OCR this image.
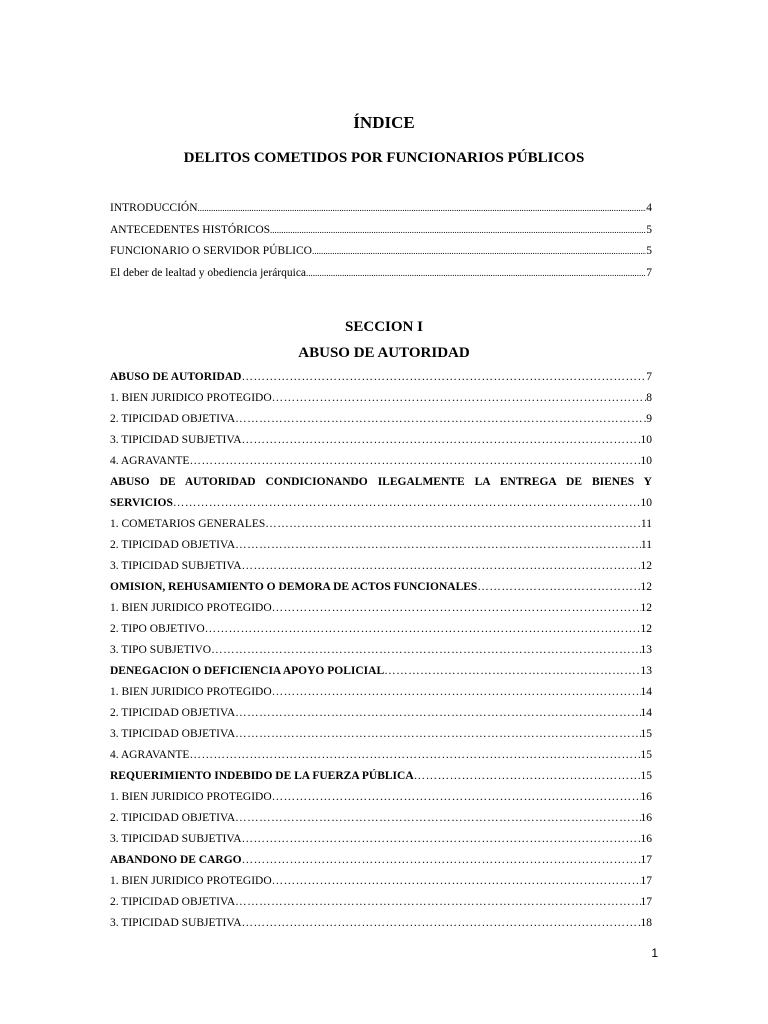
ÍNDICE
DELITOS COMETIDOS POR FUNCIONARIOS PÚBLICOS
INTRODUCCIÓN .....	4
ANTECEDENTES HISTÓRICOS .....	5
FUNCIONARIO O SERVIDOR PÚBLICO .....	5
El deber de lealtad y obediencia jerárquica .....	7
SECCION I
ABUSO DE AUTORIDAD
ABUSO DE AUTORIDAD ……………………………………………………………………………………………………………………………………………………………………………………………………………	7
1. BIEN JURIDICO PROTEGIDO ……………………………………………………………………………………………………………………………………………………………………………………………………………	8
2. TIPICIDAD OBJETIVA ……………………………………………………………………………………………………………………………………………………………………………………………………………	9
3. TIPICIDAD SUBJETIVA ……………………………………………………………………………………………………………………………………………………………………………………………………………	10
4. AGRAVANTE ……………………………………………………………………………………………………………………………………………………………………………………………………………	10
ABUSO DE AUTORIDAD CONDICIONANDO ILEGALMENTE LA ENTREGA DE BIENES Y
SERVICIOS ……………………………………………………………………………………………………………………………………………………………………………………………………………	10
1. COMETARIOS GENERALES ……………………………………………………………………………………………………………………………………………………………………………………………………………	11
2. TIPICIDAD OBJETIVA ……………………………………………………………………………………………………………………………………………………………………………………………………………	11
3. TIPICIDAD SUBJETIVA ……………………………………………………………………………………………………………………………………………………………………………………………………………	12
OMISION, REHUSAMIENTO O DEMORA DE ACTOS FUNCIONALES ……………………………………………………………………………………………………………………………………………………………………………………………………………	12
1. BIEN JURIDICO PROTEGIDO ……………………………………………………………………………………………………………………………………………………………………………………………………………	12
2. TIPO OBJETIVO ……………………………………………………………………………………………………………………………………………………………………………………………………………	12
3. TIPO SUBJETIVO ……………………………………………………………………………………………………………………………………………………………………………………………………………	13
DENEGACION O DEFICIENCIA APOYO POLICIAL ……………………………………………………………………………………………………………………………………………………………………………………………………………	13
1. BIEN JURIDICO PROTEGIDO ……………………………………………………………………………………………………………………………………………………………………………………………………………	14
2. TIPICIDAD OBJETIVA ……………………………………………………………………………………………………………………………………………………………………………………………………………	14
3. TIPICIDAD OBJETIVA ……………………………………………………………………………………………………………………………………………………………………………………………………………	15
4. AGRAVANTE ……………………………………………………………………………………………………………………………………………………………………………………………………………	15
REQUERIMIENTO INDEBIDO DE LA FUERZA PÚBLICA ……………………………………………………………………………………………………………………………………………………………………………………………………………	15
1. BIEN JURIDICO PROTEGIDO ……………………………………………………………………………………………………………………………………………………………………………………………………………	16
2. TIPICIDAD OBJETIVA ……………………………………………………………………………………………………………………………………………………………………………………………………………	16
3. TIPICIDAD SUBJETIVA ……………………………………………………………………………………………………………………………………………………………………………………………………………	16
ABANDONO DE CARGO ……………………………………………………………………………………………………………………………………………………………………………………………………………	17
1. BIEN JURIDICO PROTEGIDO ……………………………………………………………………………………………………………………………………………………………………………………………………………	17
2. TIPICIDAD OBJETIVA ……………………………………………………………………………………………………………………………………………………………………………………………………………	17
3. TIPICIDAD SUBJETIVA ……………………………………………………………………………………………………………………………………………………………………………………………………………	18
1
